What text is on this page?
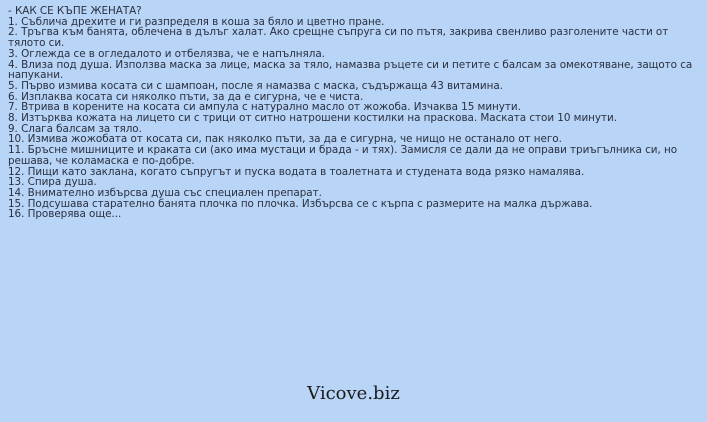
- КАК СЕ КЪПЕ ЖЕНАТА?
1. Съблича дрехите и ги разпределя в коша за бяло и цветно пране.
2. Тръгва към банята, облечена в дълъг халат. Ако срещне съпруга си по пътя, закрива свенливо разголените части от тялото си.
3. Оглежда се в огледалото и отбелязва, че е напълняла.
4. Влиза под душа. Използва маска за лице, маска за тяло, намазва ръцете си и петите с балсам за омекотяване, защото са напукани.
5. Първо измива косата си с шампоан, после я намазва с маска, съдържаща 43 витамина.
6. Изплаква косата си няколко пъти, за да е сигурна, че е чиста.
7. Втрива в корените на косата си ампула с натурално масло от жожоба. Изчаква 15 минути.
8. Изтърква кожата на лицето си с трици от ситно натрошени костилки на праскова. Маската стои 10 минути.
9. Слага балсам за тяло.
10. Измива жожобата от косата си, пак няколко пъти, за да е сигурна, че нищо не останало от него.
11. Бръсне мишниците и краката си (ако има мустаци и брада - и тях). Замисля се дали да не оправи триъгълника си, но решава, че коламаска е по-добре.
12. Пищи като заклана, когато съпругът и пуска водата в тоалетната и студената вода рязко намалява.
13. Спира душа.
14. Внимателно избърсва душа със специален препарат.
15. Подсушава старателно банята плочка по плочка. Избърсва се с кърпа с размерите на малка държава.
16. Проверява още...
Vicove.biz
